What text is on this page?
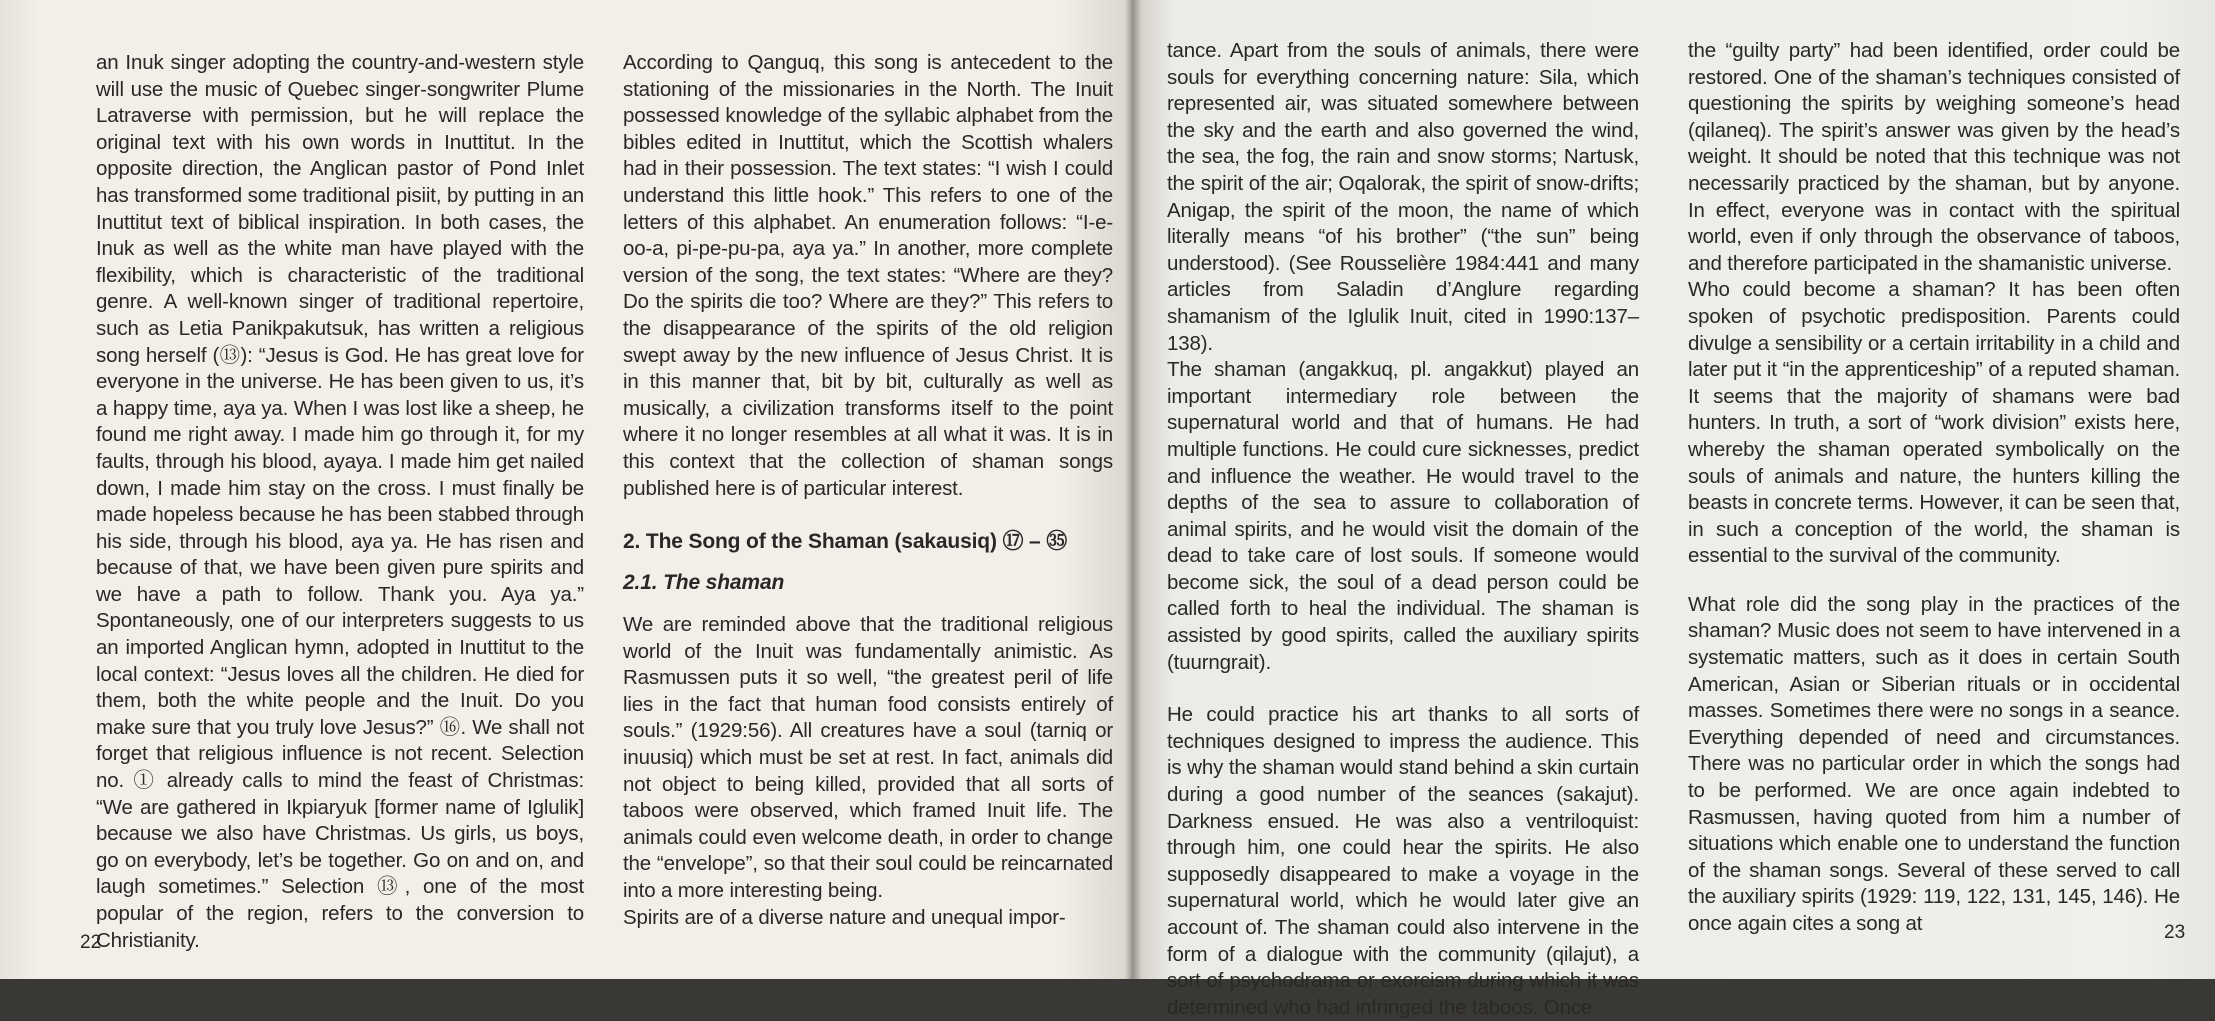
an Inuk singer adopting the country-and-western style will use the music of Quebec singer-songwriter Plume Latraverse with permission, but he will replace the original text with his own words in Inuttitut. In the opposite direction, the Anglican pastor of Pond Inlet has transformed some traditional pisiit, by putting in an Inuttitut text of biblical inspiration. In both cases, the Inuk as well as the white man have played with the flexibility, which is characteristic of the traditional genre. A well-known singer of traditional repertoire, such as Letia Panikpakutsuk, has written a religious song herself (⑬): “Jesus is God. He has great love for everyone in the universe. He has been given to us, it’s a happy time, aya ya. When I was lost like a sheep, he found me right away. I made him go through it, for my faults, through his blood, ayaya. I made him get nailed down, I made him stay on the cross. I must finally be made hopeless because he has been stabbed through his side, through his blood, aya ya. He has risen and because of that, we have been given pure spirits and we have a path to follow. Thank you. Aya ya.” Spontaneously, one of our interpreters suggests to us an imported Anglican hymn, adopted in Inuttitut to the local context: “Jesus loves all the children. He died for them, both the white people and the Inuit. Do you make sure that you truly love Jesus?” ⑯. We shall not forget that religious influence is not recent. Selection no. ① already calls to mind the feast of Christmas: “We are gathered in Ikpiaryuk [former name of Iglulik] because we also have Christmas. Us girls, us boys, go on everybody, let’s be together. Go on and on, and laugh sometimes.” Selection ⑬, one of the most popular of the region, refers to the conversion to Christianity.

According to Qanguq, this song is antecedent to the stationing of the missionaries in the North. The Inuit possessed knowledge of the syllabic alphabet from the bibles edited in Inuttitut, which the Scottish whalers had in their possession. The text states: “I wish I could understand this little hook.” This refers to one of the letters of this alphabet. An enumeration follows: “I-e-oo-a, pi-pe-pu-pa, aya ya.” In another, more complete version of the song, the text states: “Where are they? Do the spirits die too? Where are they?” This refers to the disappearance of the spirits of the old religion swept away by the new influence of Jesus Christ. It is in this manner that, bit by bit, culturally as well as musically, a civilization transforms itself to the point where it no longer resembles at all what it was. It is in this context that the collection of shaman songs published here is of particular interest.

2. The Song of the Shaman (sakausiq) ⑰ – ㉟
2.1. The shaman

We are reminded above that the traditional religious world of the Inuit was fundamentally animistic. As Rasmussen puts it so well, “the greatest peril of life lies in the fact that human food consists entirely of souls.” (1929:56). All creatures have a soul (tarniq or inuusiq) which must be set at rest. In fact, animals did not object to being killed, provided that all sorts of taboos were observed, which framed Inuit life. The animals could even welcome death, in order to change the “envelope”, so that their soul could be reincarnated into a more interesting being.

Spirits are of a diverse nature and unequal impor-

22

tance. Apart from the souls of animals, there were souls for everything concerning nature: Sila, which represented air, was situated somewhere between the sky and the earth and also governed the wind, the sea, the fog, the rain and snow storms; Nartusk, the spirit of the air; Oqalorak, the spirit of snow-drifts; Anigap, the spirit of the moon, the name of which literally means “of his brother” (“the sun” being understood). (See Rousselière 1984:441 and many articles from Saladin d’Anglure regarding shamanism of the Iglulik Inuit, cited in 1990:137–138).

The shaman (angakkuq, pl. angakkut) played an important intermediary role between the supernatural world and that of humans. He had multiple functions. He could cure sicknesses, predict and influence the weather. He would travel to the depths of the sea to assure to collaboration of animal spirits, and he would visit the domain of the dead to take care of lost souls. If someone would become sick, the soul of a dead person could be called forth to heal the individual. The shaman is assisted by good spirits, called the auxiliary spirits (tuurngrait).

He could practice his art thanks to all sorts of techniques designed to impress the audience. This is why the shaman would stand behind a skin curtain during a good number of the seances (sakajut). Darkness ensued. He was also a ventriloquist: through him, one could hear the spirits. He also supposedly disappeared to make a voyage in the supernatural world, which he would later give an account of. The shaman could also intervene in the form of a dialogue with the community (qilajut), a sort of psychodrama or exorcism during which it was determined who had infringed the taboos. Once

the “guilty party” had been identified, order could be restored. One of the shaman’s techniques consisted of questioning the spirits by weighing someone’s head (qilaneq). The spirit’s answer was given by the head’s weight. It should be noted that this technique was not necessarily practiced by the shaman, but by anyone. In effect, everyone was in contact with the spiritual world, even if only through the observance of taboos, and therefore participated in the shamanistic universe.

Who could become a shaman? It has been often spoken of psychotic predisposition. Parents could divulge a sensibility or a certain irritability in a child and later put it “in the apprenticeship” of a reputed shaman. It seems that the majority of shamans were bad hunters. In truth, a sort of “work division” exists here, whereby the shaman operated symbolically on the souls of animals and nature, the hunters killing the beasts in concrete terms. However, it can be seen that, in such a conception of the world, the shaman is essential to the survival of the community.

What role did the song play in the practices of the shaman? Music does not seem to have intervened in a systematic matters, such as it does in certain South American, Asian or Siberian rituals or in occidental masses. Sometimes there were no songs in a seance. Everything depended of need and circumstances. There was no particular order in which the songs had to be performed. We are once again indebted to Rasmussen, having quoted from him a number of situations which enable one to understand the function of the shaman songs. Several of these served to call the auxiliary spirits (1929: 119, 122, 131, 145, 146). He once again cites a song at	23
